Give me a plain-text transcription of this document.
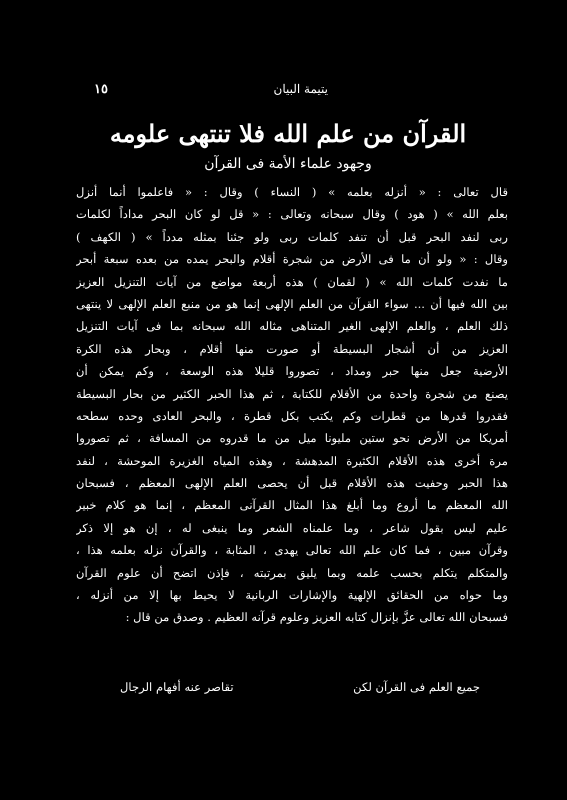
يتيمة البيان
١٥
القرآن من علم الله فلا تنتهى علومه
وجهود علماء الأمة فى القرآن
قال تعالى : « أنزله بعلمه » ( النساء ) وقال : « فاعلموا أنما أنزل
بعلم الله » ( هود ) وقال سبحانه وتعالى : « قل لو كان البحر مداداً لكلمات
ربى لنفد البحر قبل أن تنفد كلمات ربى ولو جئنا بمثله مدداً » ( الكهف )
وقال : « ولو أن ما فى الأرض من شجرة أقلام والبحر يمده من بعده سبعة أبحر
ما نفدت كلمات الله » ( لقمان ) هذه أربعة مواضع من آيات التنزيل العزيز
بين الله فيها أن ... سواء القرآن من العلم الإلهى إنما هو من منبع العلم الإلهى لا ينتهى
ذلك العلم ، والعلم الإلهى الغير المتناهى مثاله الله سبحانه بما فى آيات التنزيل
العزيز من أن أشجار البسيطة أو صورت منها أقلام ، وبحار هذه الكرة
الأرضية جعل منها حبر ومداد ، تصوروا قليلا هذه الوسعة ، وكم يمكن أن
يصنع من شجرة واحدة من الأقلام للكتابة ، ثم هذا الحبر الكثير من بحار البسيطة
فقدروا قدرها من قطرات وكم يكتب بكل قطرة ، والبحر العادى وحده سطحه
أمريكا من الأرض نحو ستين مليونا ميل من ما قدروه من المسافة ، ثم تصوروا
مرة أخرى هذه الأقلام الكثيرة المدهشة ، وهذه المياه الغزيرة الموحشة ، لنفد
هذا الحبر وحفيت هذه الأقلام قبل أن يحصى العلم الإلهى المعظم ، فسبحان
الله المعظم ما أروع وما أبلغ هذا المثال القرآنى المعظم ، إنما هو كلام خبير
عليم ليس بقول شاعر ، وما علمناه الشعر وما ينبغى له ، إن هو إلا ذكر
وقرآن مبين ، فما كان علم الله تعالى يهدى ، المثابة ، والقرآن نزله بعلمه هذا ،
والمتكلم يتكلم بحسب علمه وبما يليق بمرتبته ، فإذن اتضح أن علوم القرآن
وما حواه من الحقائق الإلهية والإشارات الربانية لا يحيط بها إلا من أنزله ،
فسبحان الله تعالى عزَّ بإنزال كتابه العزيز وعلوم قرآنه العظيم . وصدق من قال :
جميع العلم فى القرآن لكن
تقاصر عنه أفهام الرجال
